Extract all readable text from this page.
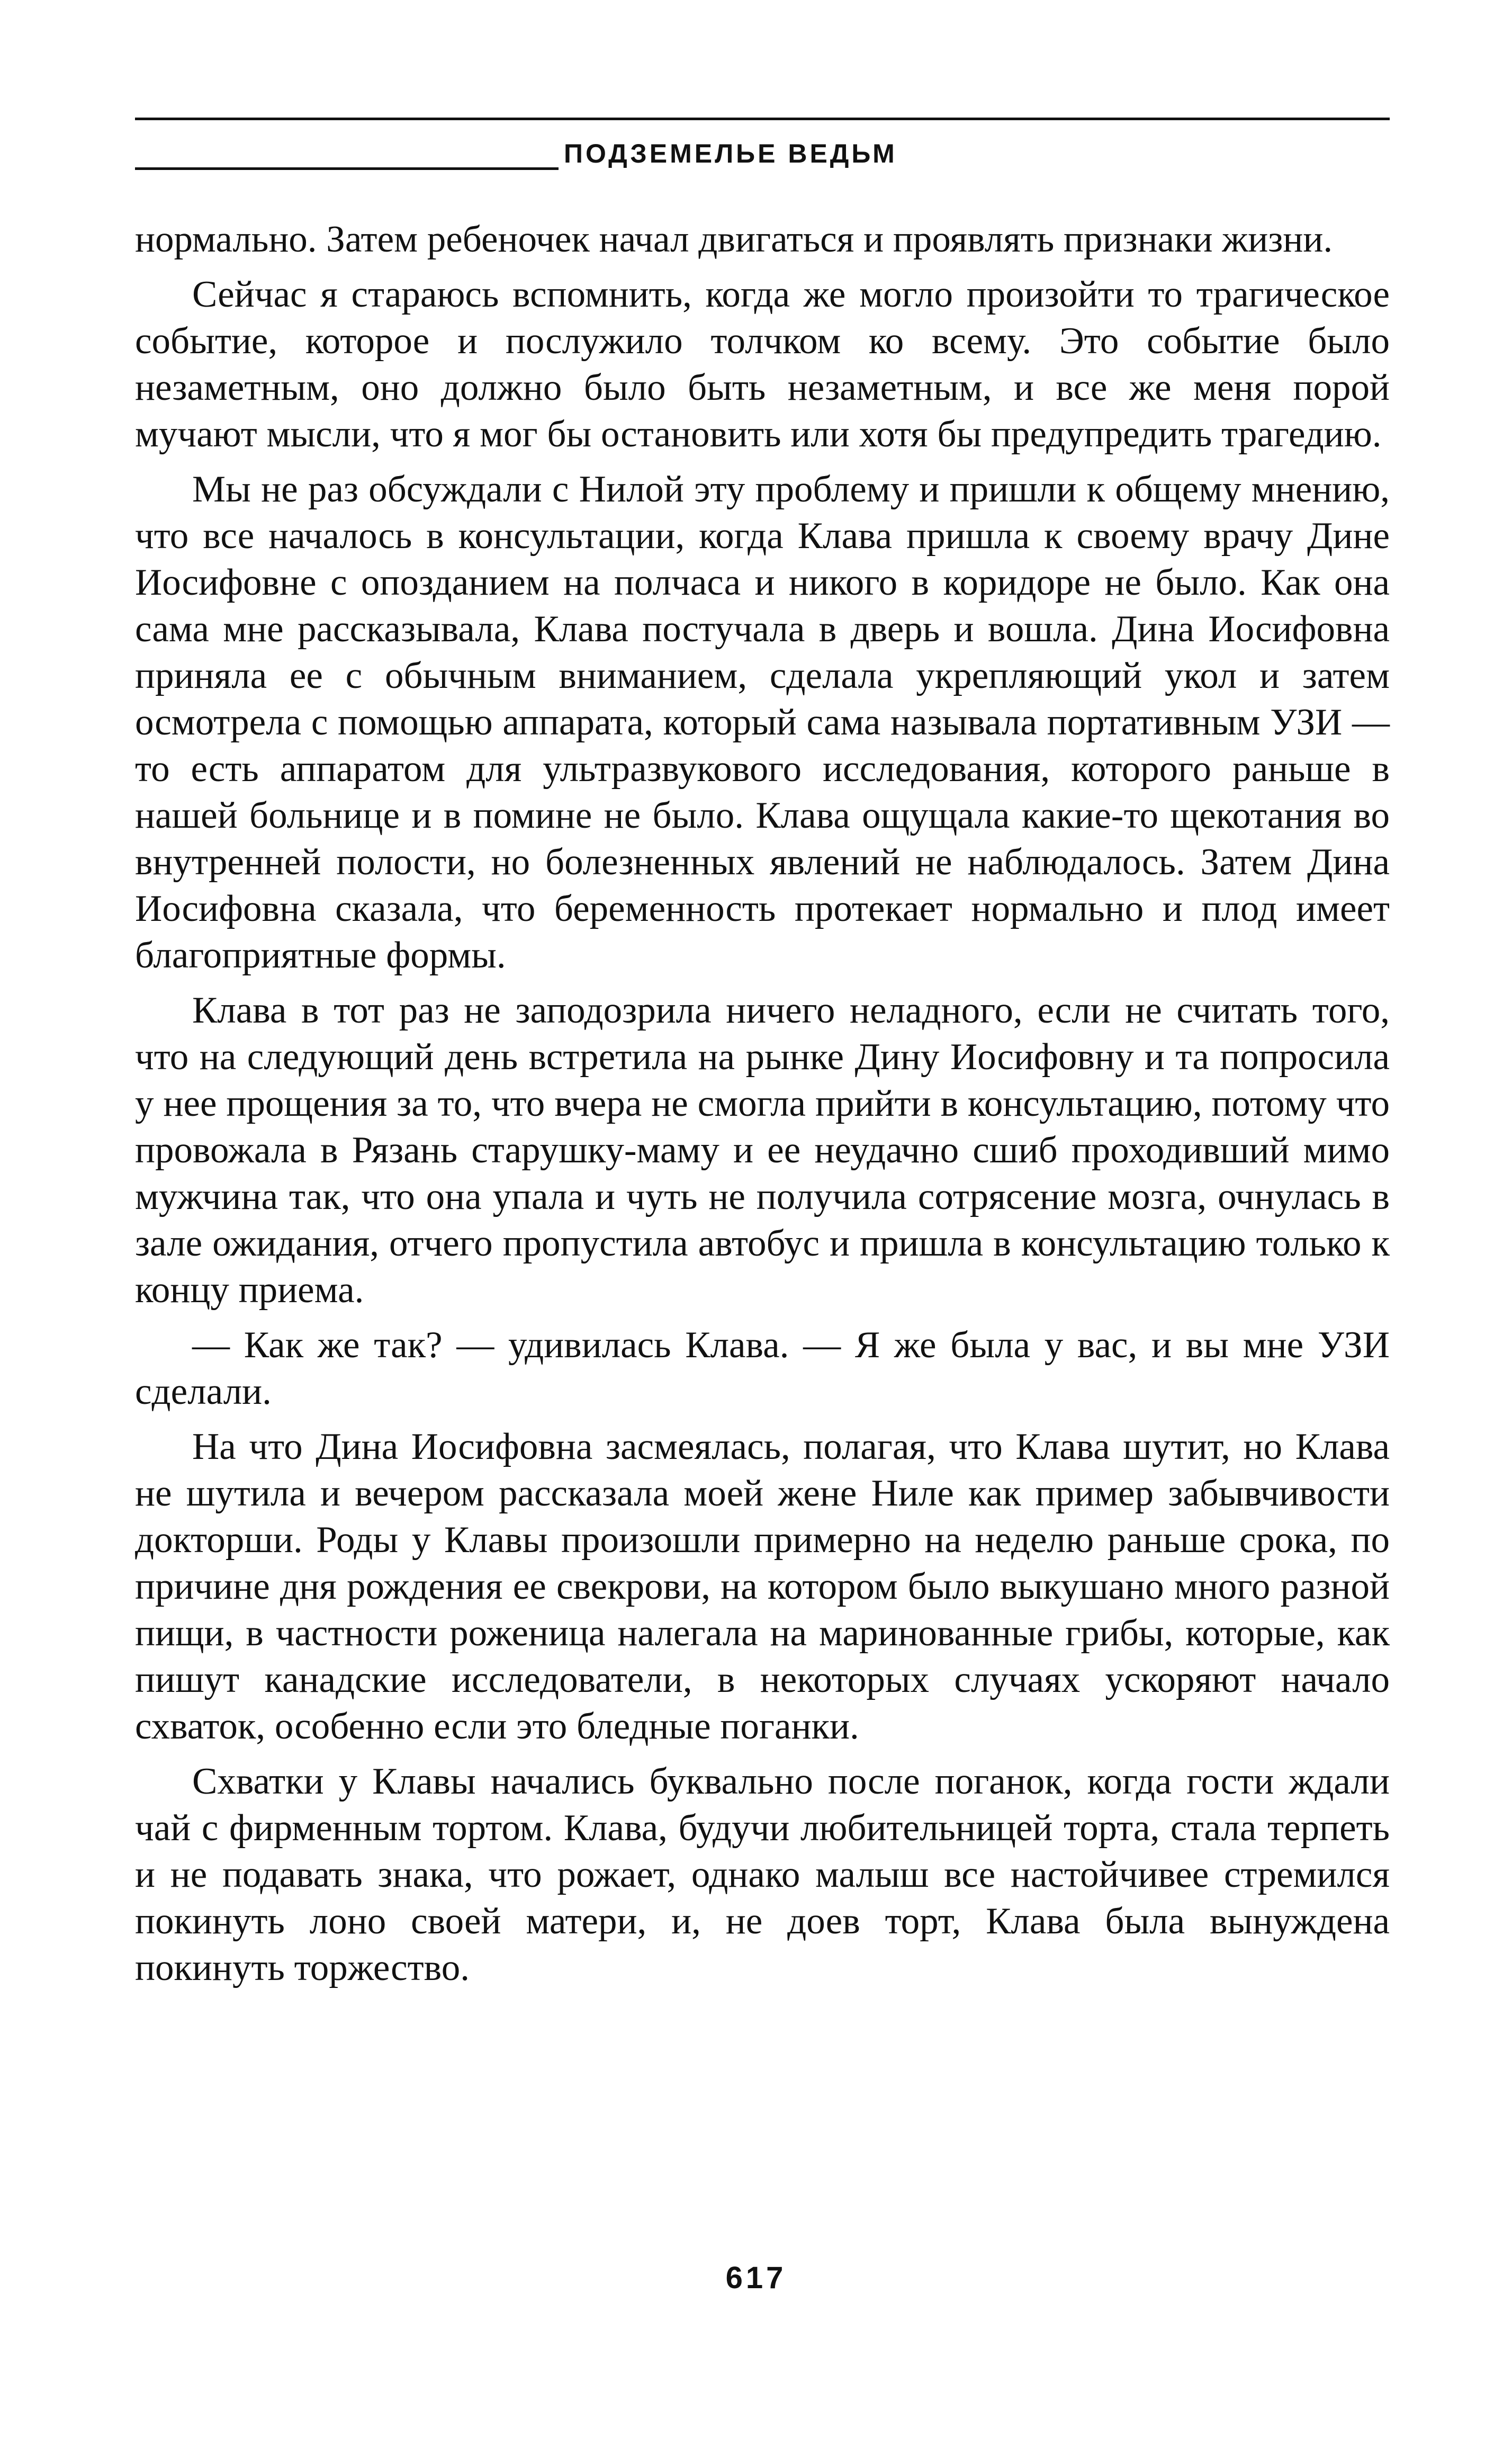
ПОДЗЕМЕЛЬЕ ВЕДЬМ

нормально. Затем ребеночек начал двигаться и проявлять признаки жизни.

Сейчас я стараюсь вспомнить, когда же могло произойти то трагическое событие, которое и послужило толчком ко всему. Это событие было незаметным, оно должно было быть незаметным, и все же меня порой мучают мысли, что я мог бы остановить или хотя бы предупредить трагедию.

Мы не раз обсуждали с Нилой эту проблему и пришли к общему мнению, что все началось в консультации, когда Клава пришла к своему врачу Дине Иосифовне с опозданием на полчаса и никого в коридоре не было. Как она сама мне рассказывала, Клава постучала в дверь и вошла. Дина Иосифовна приняла ее с обычным вниманием, сделала укрепляющий укол и затем осмотрела с помощью аппарата, который сама называла портативным УЗИ — то есть аппаратом для ультразвукового исследования, которого раньше в нашей больнице и в помине не было. Клава ощущала какие-то щекотания во внутренней полости, но болезненных явлений не наблюдалось. Затем Дина Иосифовна сказала, что беременность протекает нормально и плод имеет благоприятные формы.

Клава в тот раз не заподозрила ничего неладного, если не считать того, что на следующий день встретила на рынке Дину Иосифовну и та попросила у нее прощения за то, что вчера не смогла прийти в консультацию, потому что провожала в Рязань старушку-маму и ее неудачно сшиб проходивший мимо мужчина так, что она упала и чуть не получила сотрясение мозга, очнулась в зале ожидания, отчего пропустила автобус и пришла в консультацию только к концу приема.

— Как же так? — удивилась Клава. — Я же была у вас, и вы мне УЗИ сделали.

На что Дина Иосифовна засмеялась, полагая, что Клава шутит, но Клава не шутила и вечером рассказала моей жене Ниле как пример забывчивости докторши. Роды у Клавы произошли примерно на неделю раньше срока, по причине дня рождения ее свекрови, на котором было выкушано много разной пищи, в частности роженица налегала на маринованные грибы, которые, как пишут канадские исследователи, в некоторых случаях ускоряют начало схваток, особенно если это бледные поганки.

Схватки у Клавы начались буквально после поганок, когда гости ждали чай с фирменным тортом. Клава, будучи любительницей торта, стала терпеть и не подавать знака, что рожает, однако малыш все настойчивее стремился покинуть лоно своей матери, и, не доев торт, Клава была вынуждена покинуть торжество.

617
